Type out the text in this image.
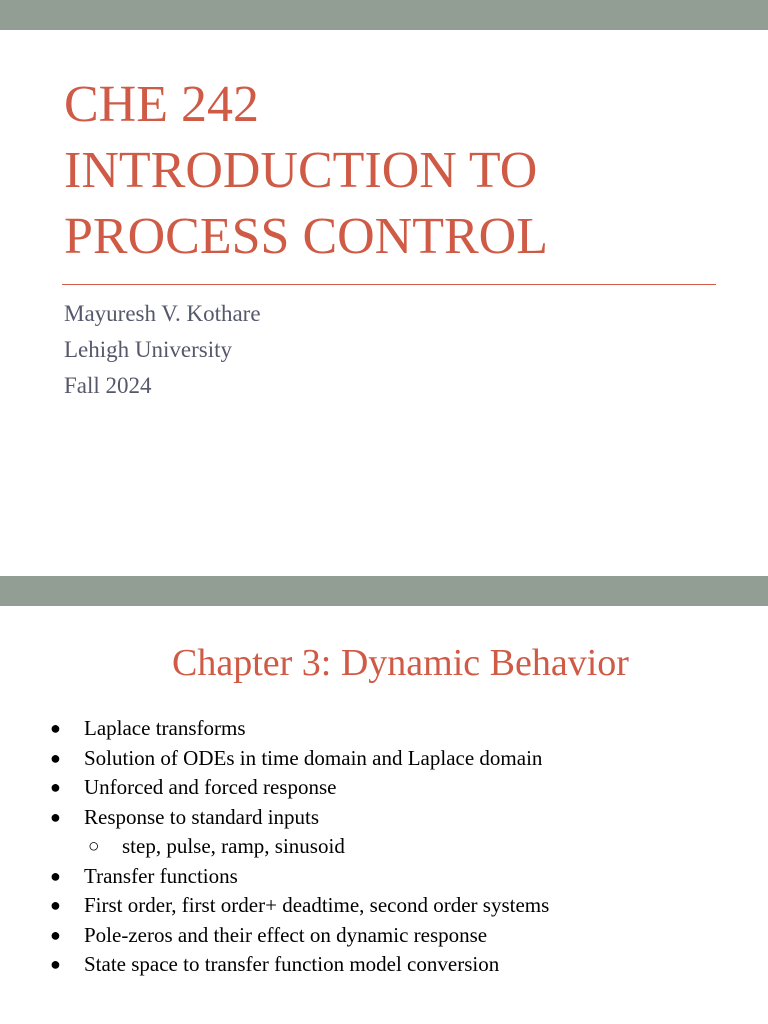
CHE 242
INTRODUCTION TO
PROCESS CONTROL
Mayuresh V. Kothare
Lehigh University
Fall 2024
Chapter 3: Dynamic Behavior
● Laplace transforms
● Solution of ODEs in time domain and Laplace domain
● Unforced and forced response
● Response to standard inputs
○ step, pulse, ramp, sinusoid
● Transfer functions
● First order, first order+ deadtime, second order systems
● Pole-zeros and their effect on dynamic response
● State space to transfer function model conversion
